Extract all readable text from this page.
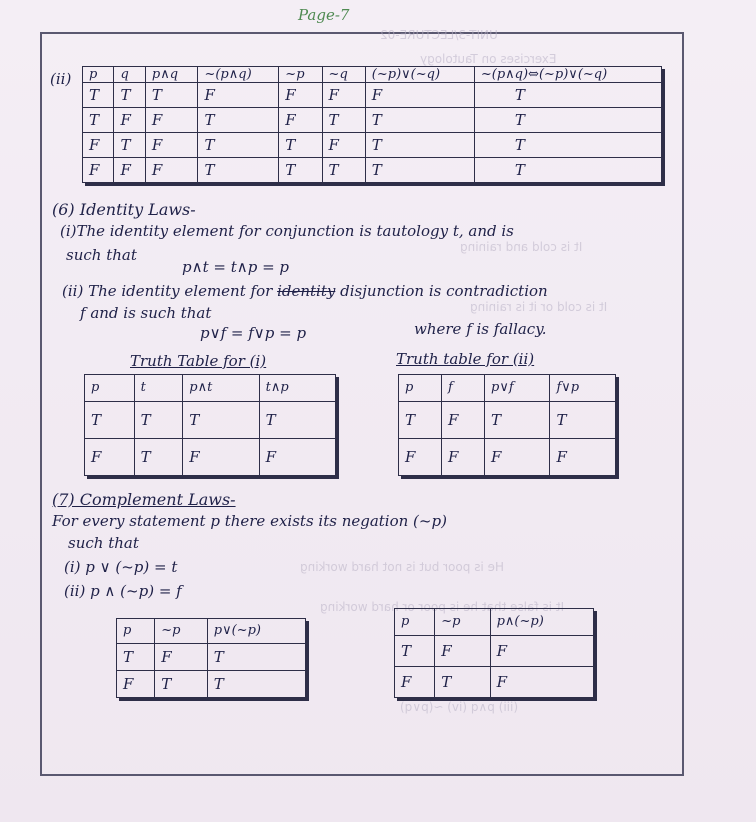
UNIT-3/LECTURE-02
Exercises on Tautology
It is cold and raining
It is cold or it is raining
He is poor but is not hard working
It is false that he is poor or hard working
(iii) p∧q (iv) ~(p∨q)
Page-7
(ii) p	q	p∧q	~(p∧q)	~p	~q	(~p)∨(~q)	~(p∧q)⇔(~p)∨(~q)
T	T	T	F	F	F	F	T
T	F	F	T	F	T	T	T
F	T	F	T	T	F	T	T
F	F	F	T	T	T	T	T
(6) Identity Laws-
(i)The identity element for conjunction is tautology t, and is
such that
p∧t = t∧p = p
(ii) The identity element for identity disjunction is contradiction
f and is such that
p∨f = f∨p = p	where f is fallacy.
Truth Table for (i)
p	t	p∧t	t∧p
T	T	T	T
F	T	F	F
Truth table for (ii)
p	f	p∨f	f∨p
T	F	T	T
F	F	F	F
(7) Complement Laws-
For every statement p there exists its negation (~p)
such that
(i) p ∨ (~p) = t
(ii) p ∧ (~p) = f
p	~p	p∨(~p)
T	F	T
F	T	T
p	~p	p∧(~p)
T	F	F
F	T	F
